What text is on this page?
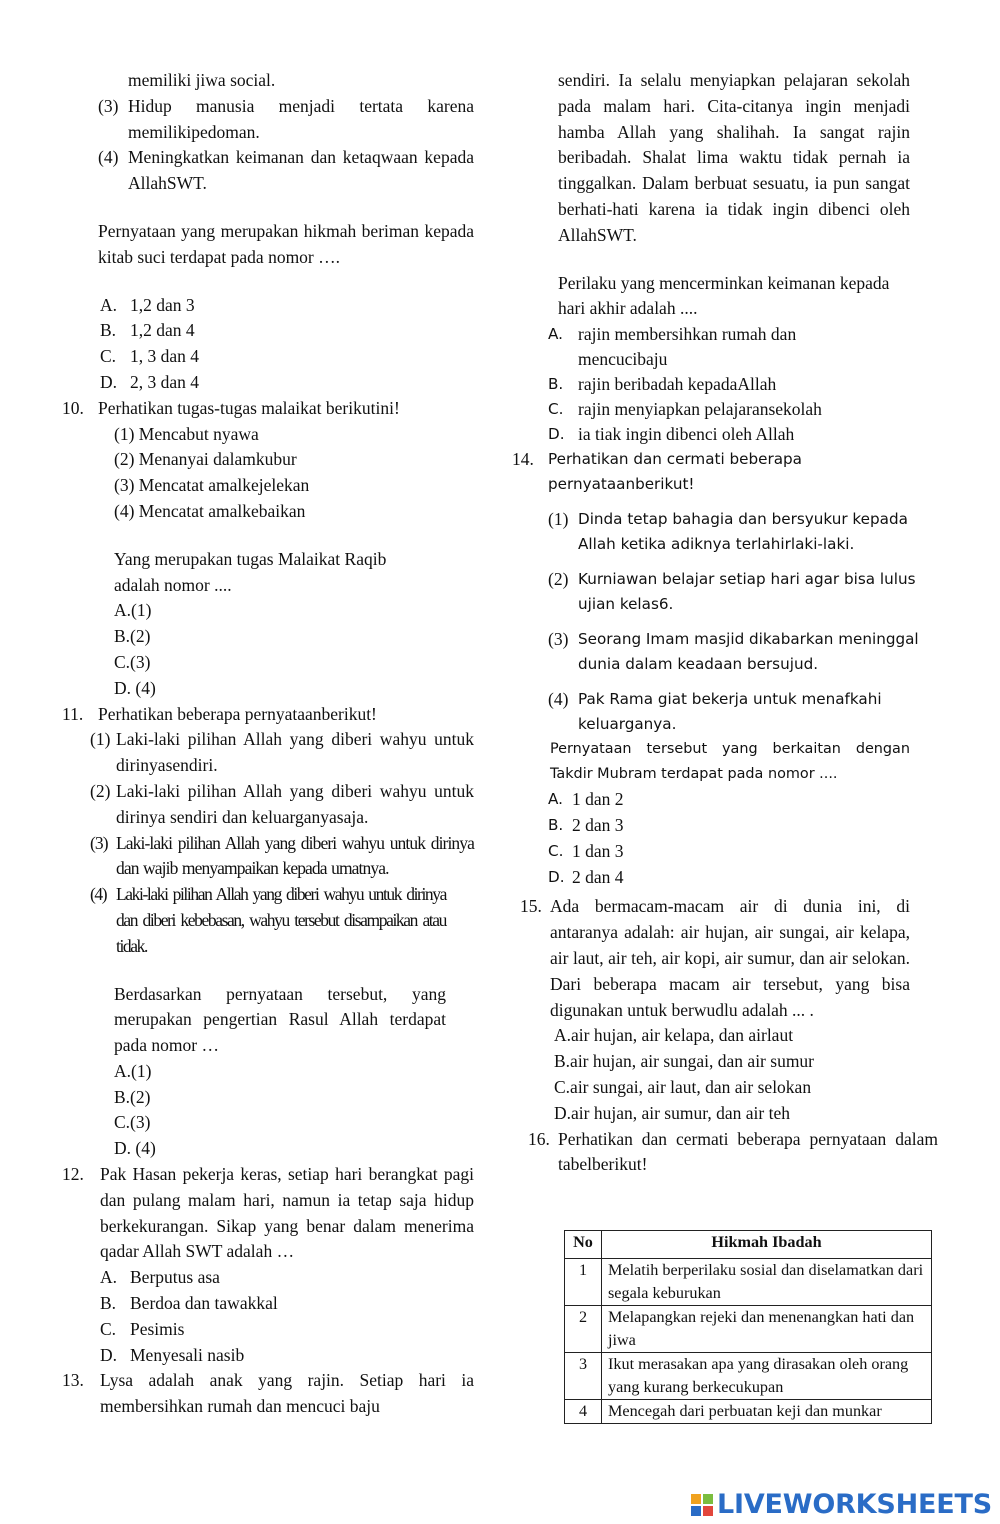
memiliki jiwa social.
(3) Hidup manusia menjadi tertata karena memilikipedoman.
(4) Meningkatkan keimanan dan ketaqwaan kepada AllahSWT.
Pernyataan yang merupakan hikmah beriman kepada kitab suci terdapat pada nomor ….
A. 1,2 dan 3
B. 1,2 dan 4
C. 1, 3 dan 4
D. 2, 3 dan 4
10. Perhatikan tugas-tugas malaikat berikutini!
(1) Mencabut nyawa
(2) Menanyai dalamkubur
(3) Mencatat amalkejelekan
(4) Mencatat amalkebaikan
Yang merupakan tugas Malaikat Raqib adalah nomor ....
A.(1)
B.(2)
C.(3)
D. (4)
11. Perhatikan beberapa pernyataanberikut!
(1) Laki-laki pilihan Allah yang diberi wahyu untuk dirinyasendiri.
(2) Laki-laki pilihan Allah yang diberi wahyu untuk dirinya sendiri dan keluarganyasaja.
(3) Laki-laki pilihan Allah yang diberi wahyu untuk dirinya dan wajib menyampaikan kepada umatnya.
(4) Laki-laki pilihan Allah yang diberi wahyu untuk dirinya dan diberi kebebasan, wahyu tersebut disampaikan atau tidak.
Berdasarkan pernyataan tersebut, yang merupakan pengertian Rasul Allah terdapat pada nomor …
A.(1)
B.(2)
C.(3)
D. (4)
12. Pak Hasan pekerja keras, setiap hari berangkat pagi dan pulang malam hari, namun ia tetap saja hidup berkekurangan. Sikap yang benar dalam menerima qadar Allah SWT adalah …
A. Berputus asa
B. Berdoa dan tawakkal
C. Pesimis
D. Menyesali nasib
13. Lysa adalah anak yang rajin. Setiap hari ia membersihkan rumah dan mencuci baju
sendiri. Ia selalu menyiapkan pelajaran sekolah pada malam hari. Cita-citanya ingin menjadi hamba Allah yang shalihah. Ia sangat rajin beribadah. Shalat lima waktu tidak pernah ia tinggalkan. Dalam berbuat sesuatu, ia pun sangat berhati-hati karena ia tidak ingin dibenci oleh AllahSWT.
Perilaku yang mencerminkan keimanan kepada hari akhir adalah ....
A. rajin membersihkan rumah dan mencucibaju
B. rajin beribadah kepadaAllah
C. rajin menyiapkan pelajaransekolah
D. ia tiak ingin dibenci oleh Allah
14. Perhatikan dan cermati beberapa pernyataanberikut!
(1) Dinda tetap bahagia dan bersyukur kepada Allah ketika adiknya terlahirlaki-laki.
(2) Kurniawan belajar setiap hari agar bisa lulus ujian kelas6.
(3) Seorang Imam masjid dikabarkan meninggal dunia dalam keadaan bersujud.
(4) Pak Rama giat bekerja untuk menafkahi keluarganya.
Pernyataan tersebut yang berkaitan dengan Takdir Mubram terdapat pada nomor ....
A. 1 dan 2
B. 2 dan 3
C. 1 dan 3
D. 2 dan 4
15. Ada bermacam-macam air di dunia ini, di antaranya adalah: air hujan, air sungai, air kelapa, air laut, air teh, air kopi, air sumur, dan air selokan. Dari beberapa macam air tersebut, yang bisa digunakan untuk berwudlu adalah ... .
A.air hujan, air kelapa, dan airlaut
B.air hujan, air sungai, dan air sumur
C.air sungai, air laut, dan air selokan
D.air hujan, air sumur, dan air teh
16. Perhatikan dan cermati beberapa pernyataan dalam tabelberikut!
No	Hikmah Ibadah
1	Melatih berperilaku sosial dan diselamatkan dari segala keburukan
2	Melapangkan rejeki dan menenangkan hati dan jiwa
3	Ikut merasakan apa yang dirasakan oleh orang yang kurang berkecukupan
4	Mencegah dari perbuatan keji dan munkar
LIVEWORKSHEETS
